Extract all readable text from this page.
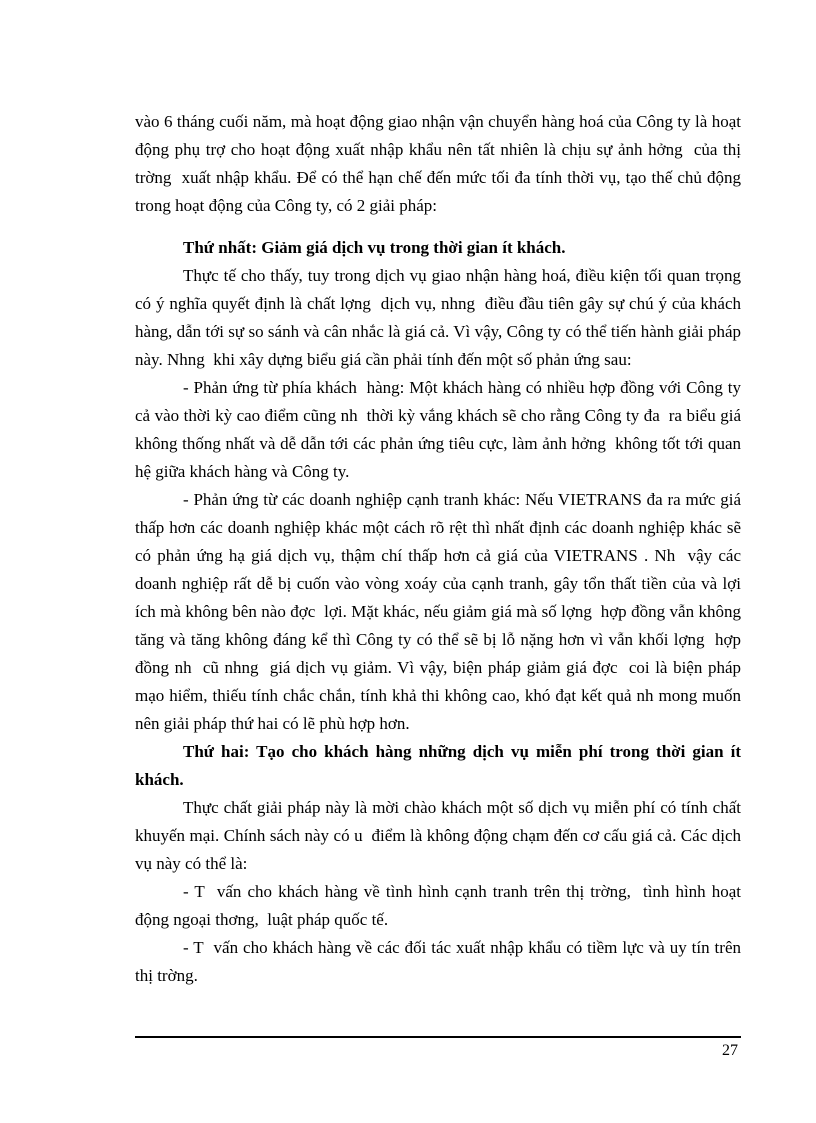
vào 6 tháng cuối năm, mà hoạt động giao nhận vận chuyển hàng hoá của Công ty là hoạt động phụ trợ cho hoạt động xuất nhập khẩu nên tất nhiên là chịu sự ảnh hởng  của thị trờng  xuất nhập khẩu. Để có thể hạn chế đến mức tối đa tính thời vụ, tạo thế chủ động trong hoạt động của Công ty, có 2 giải pháp:

Thứ nhất: Giảm giá dịch vụ trong thời gian ít khách.

Thực tế cho thấy, tuy trong dịch vụ giao nhận hàng hoá, điều kiện tối quan trọng có ý nghĩa quyết định là chất lợng  dịch vụ, nhng  điều đầu tiên gây sự chú ý của khách hàng, dẫn tới sự so sánh và cân nhắc là giá cả. Vì vậy, Công ty có thể tiến hành giải pháp này. Nhng  khi xây dựng biểu giá cần phải tính đến một số phản ứng sau:

- Phản ứng từ phía khách  hàng: Một khách hàng có nhiều hợp đồng với Công ty cả vào thời kỳ cao điểm cũng nh  thời kỳ vắng khách sẽ cho rằng Công ty đa  ra biểu giá không thống nhất và dễ dẫn tới các phản ứng tiêu cực, làm ảnh hởng  không tốt tới quan hệ giữa khách hàng và Công ty.

- Phản ứng từ các doanh nghiệp cạnh tranh khác: Nếu VIETRANS đa ra mức giá thấp hơn các doanh nghiệp khác một cách rõ rệt thì nhất định các doanh nghiệp khác sẽ có phản ứng hạ giá dịch vụ, thậm chí thấp hơn cả giá của VIETRANS . Nh  vậy các doanh nghiệp rất dễ bị cuốn vào vòng xoáy của cạnh tranh, gây tổn thất tiền của và lợi ích mà không bên nào đợc  lợi. Mặt khác, nếu giảm giá mà số lợng  hợp đồng vẫn không tăng và tăng không đáng kể thì Công ty có thể sẽ bị lỗ nặng hơn vì vẫn khối lợng  hợp đồng nh  cũ nhng  giá dịch vụ giảm. Vì vậy, biện pháp giảm giá đợc  coi là biện pháp mạo hiểm, thiếu tính chắc chắn, tính khả thi không cao, khó đạt kết quả nh mong muốn nên giải pháp thứ hai có lẽ phù hợp hơn.

Thứ hai: Tạo cho khách hàng những dịch vụ miễn phí trong thời gian ít khách.

Thực chất giải pháp này là mời chào khách một số dịch vụ miễn phí có tính chất khuyến mại. Chính sách này có u  điểm là không động chạm đến cơ cấu giá cả. Các dịch vụ này có thể là:

- T  vấn cho khách hàng về tình hình cạnh tranh trên thị trờng,  tình hình hoạt động ngoại thơng,  luật pháp quốc tế.

- T  vấn cho khách hàng về các đối tác xuất nhập khẩu có tiềm lực và uy tín trên thị trờng.

27
